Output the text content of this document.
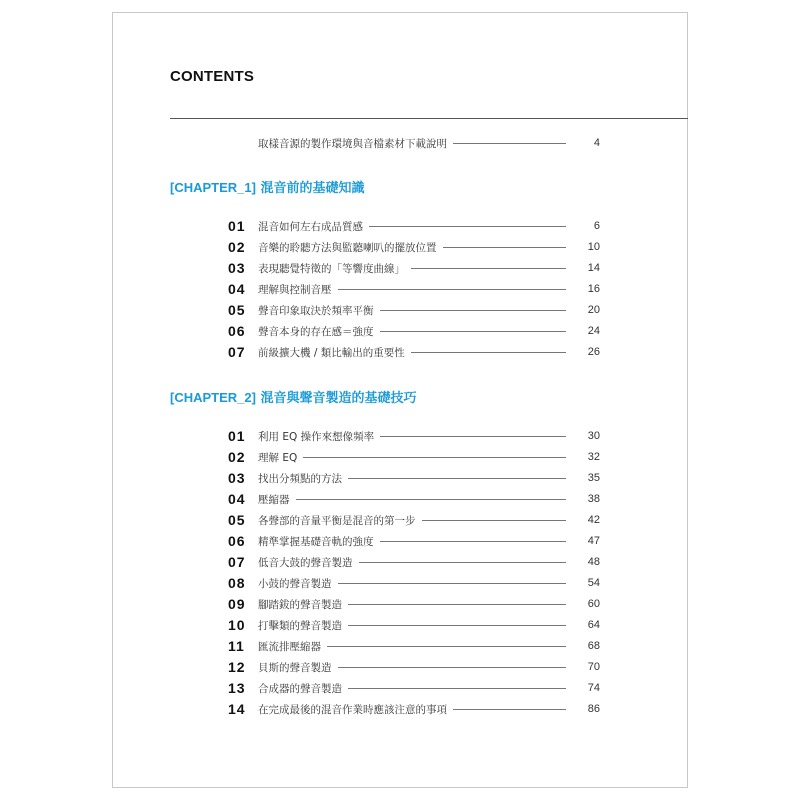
CONTENTS
取樣音源的製作環境與音檔素材下載說明	4
[CHAPTER_1] 混音前的基礎知識
01	混音如何左右成品質感	6
02	音樂的聆聽方法與監聽喇叭的擺放位置	10
03	表現聽覺特徵的「等響度曲線」	14
04	理解與控制音壓	16
05	聲音印象取決於頻率平衡	20
06	聲音本身的存在感＝強度	24
07	前級擴大機 / 類比輸出的重要性	26
[CHAPTER_2] 混音與聲音製造的基礎技巧
01	利用 EQ 操作來想像頻率	30
02	理解 EQ	32
03	找出分頻點的方法	35
04	壓縮器	38
05	各聲部的音量平衡是混音的第一步	42
06	精準掌握基礎音軌的強度	47
07	低音大鼓的聲音製造	48
08	小鼓的聲音製造	54
09	腳踏鈸的聲音製造	60
10	打擊類的聲音製造	64
11	匯流排壓縮器	68
12	貝斯的聲音製造	70
13	合成器的聲音製造	74
14	在完成最後的混音作業時應該注意的事項	86
